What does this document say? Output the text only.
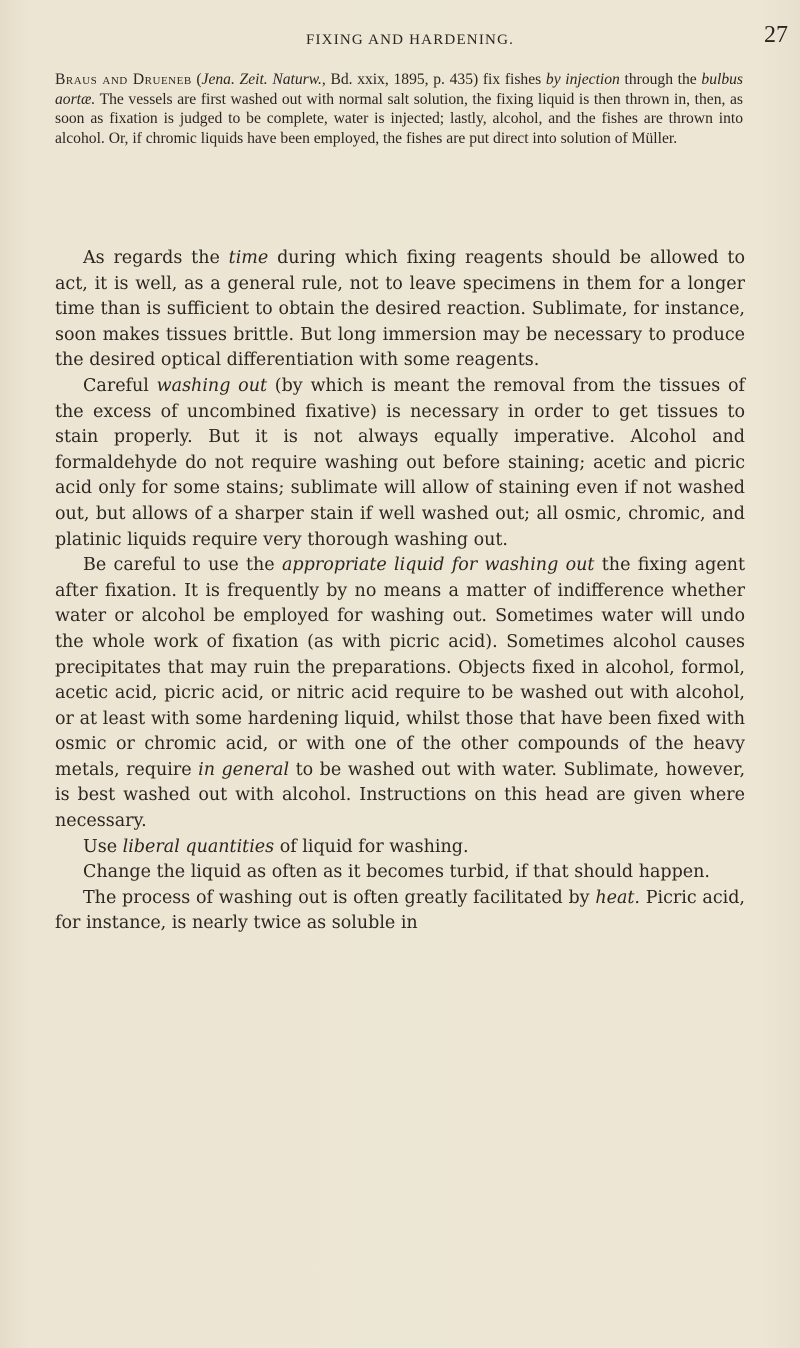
FIXING AND HARDENING.	27
Braus and Drueneb (Jena. Zeit. Naturw., Bd. xxix, 1895, p. 435) fix fishes by injection through the bulbus aortæ. The vessels are first washed out with normal salt solution, the fixing liquid is then thrown in, then, as soon as fixation is judged to be complete, water is injected; lastly, alcohol, and the fishes are thrown into alcohol. Or, if chromic liquids have been employed, the fishes are put direct into solution of Müller.

As regards the time during which fixing reagents should be allowed to act, it is well, as a general rule, not to leave specimens in them for a longer time than is sufficient to obtain the desired reaction. Sublimate, for instance, soon makes tissues brittle. But long immersion may be necessary to produce the desired optical differentiation with some reagents.

Careful washing out (by which is meant the removal from the tissues of the excess of uncombined fixative) is necessary in order to get tissues to stain properly. But it is not always equally imperative. Alcohol and formaldehyde do not require washing out before staining; acetic and picric acid only for some stains; sublimate will allow of staining even if not washed out, but allows of a sharper stain if well washed out; all osmic, chromic, and platinic liquids require very thorough washing out.

Be careful to use the appropriate liquid for washing out the fixing agent after fixation. It is frequently by no means a matter of indifference whether water or alcohol be employed for washing out. Sometimes water will undo the whole work of fixation (as with picric acid). Sometimes alcohol causes precipitates that may ruin the preparations. Objects fixed in alcohol, formol, acetic acid, picric acid, or nitric acid require to be washed out with alcohol, or at least with some hardening liquid, whilst those that have been fixed with osmic or chromic acid, or with one of the other compounds of the heavy metals, require in general to be washed out with water. Sublimate, however, is best washed out with alcohol. Instructions on this head are given where necessary.

Use liberal quantities of liquid for washing.

Change the liquid as often as it becomes turbid, if that should happen.

The process of washing out is often greatly facilitated by heat. Picric acid, for instance, is nearly twice as soluble in
